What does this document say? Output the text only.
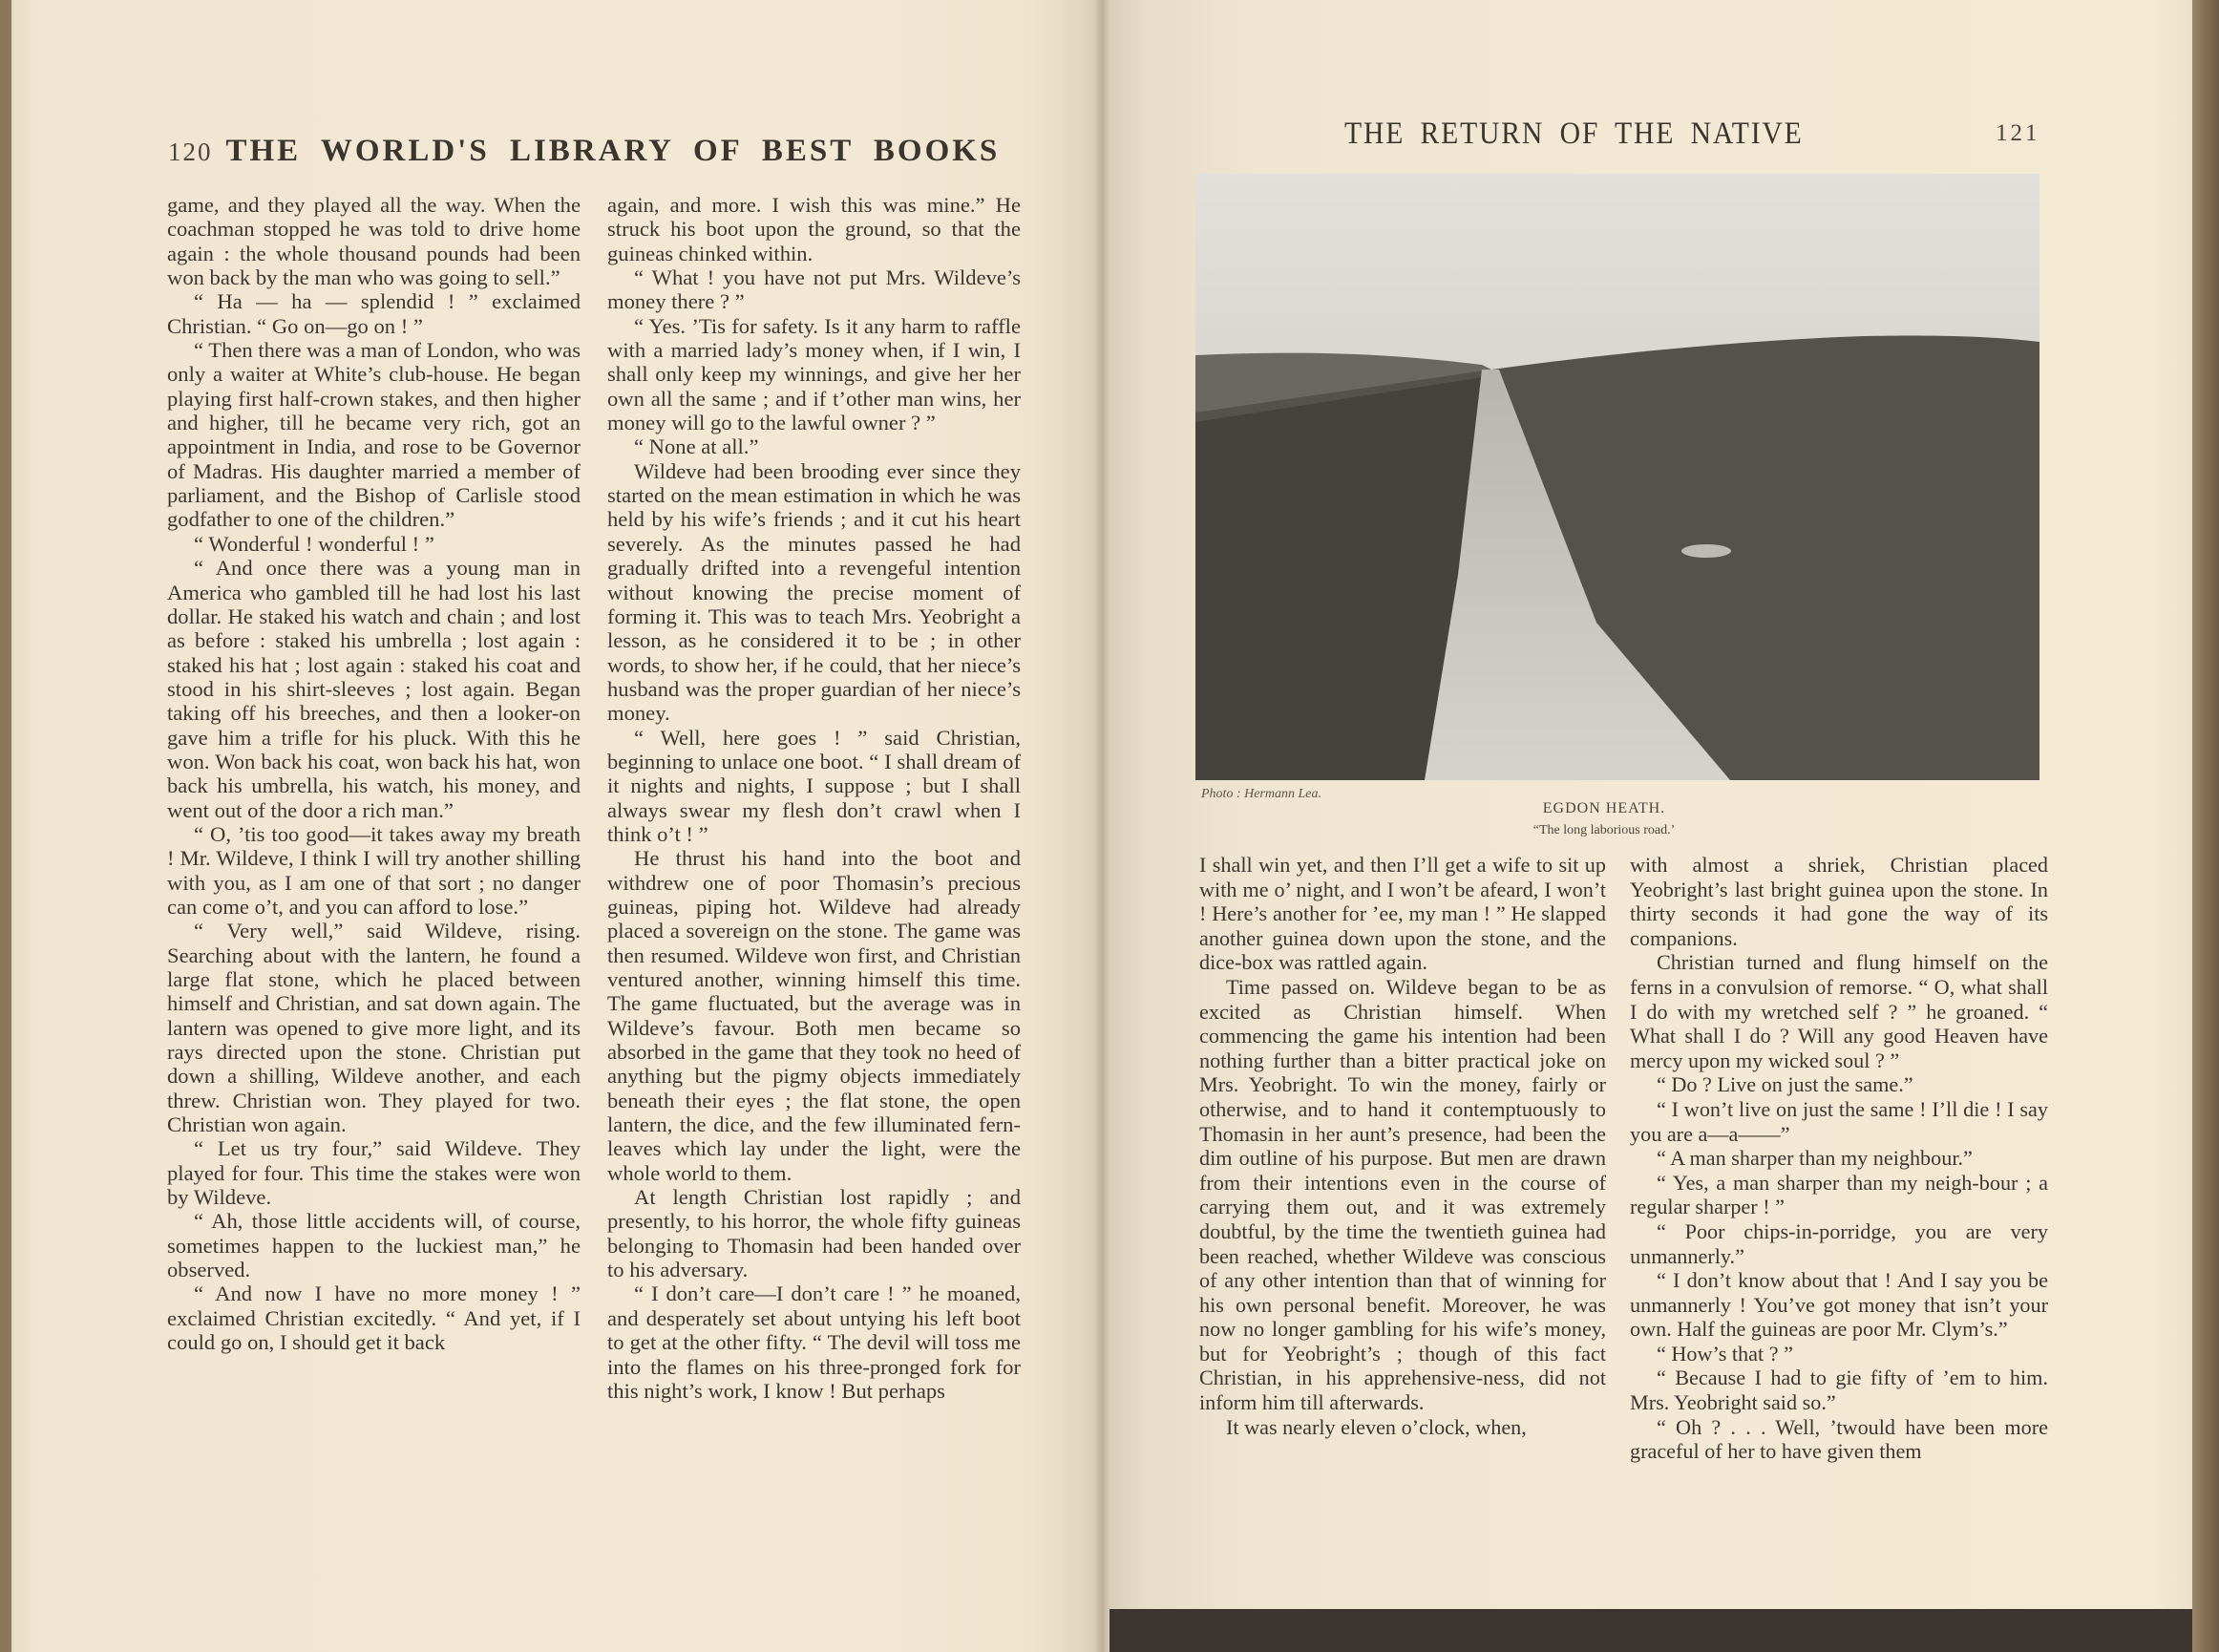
120 THE WORLD'S LIBRARY OF BEST BOOKS

game, and they played all the way. When the coachman stopped he was told to drive home again : the whole thousand pounds had been won back by the man who was going to sell.”

“ Ha — ha — splendid ! ” exclaimed Christian. “ Go on—go on ! ”

“ Then there was a man of London, who was only a waiter at White’s club-house. He began playing first half-crown stakes, and then higher and higher, till he became very rich, got an appointment in India, and rose to be Governor of Madras. His daughter married a member of parliament, and the Bishop of Carlisle stood godfather to one of the children.”

“ Wonderful ! wonderful ! ”

“ And once there was a young man in America who gambled till he had lost his last dollar. He staked his watch and chain ; and lost as before : staked his umbrella ; lost again : staked his hat ; lost again : staked his coat and stood in his shirt-sleeves ; lost again. Began taking off his breeches, and then a looker-on gave him a trifle for his pluck. With this he won. Won back his coat, won back his hat, won back his umbrella, his watch, his money, and went out of the door a rich man.”

“ O, ’tis too good—it takes away my breath ! Mr. Wildeve, I think I will try another shilling with you, as I am one of that sort ; no danger can come o’t, and you can afford to lose.”

“ Very well,” said Wildeve, rising. Searching about with the lantern, he found a large flat stone, which he placed between himself and Christian, and sat down again. The lantern was opened to give more light, and its rays directed upon the stone. Christian put down a shilling, Wildeve another, and each threw. Christian won. They played for two. Christian won again.

“ Let us try four,” said Wildeve. They played for four. This time the stakes were won by Wildeve.

“ Ah, those little accidents will, of course, sometimes happen to the luckiest man,” he observed.

“ And now I have no more money ! ” exclaimed Christian excitedly. “ And yet, if I could go on, I should get it back

again, and more. I wish this was mine.” He struck his boot upon the ground, so that the guineas chinked within.

“ What ! you have not put Mrs. Wildeve’s money there ? ”

“ Yes. ’Tis for safety. Is it any harm to raffle with a married lady’s money when, if I win, I shall only keep my winnings, and give her her own all the same ; and if t’other man wins, her money will go to the lawful owner ? ”

“ None at all.”

Wildeve had been brooding ever since they started on the mean estimation in which he was held by his wife’s friends ; and it cut his heart severely. As the minutes passed he had gradually drifted into a revengeful intention without knowing the precise moment of forming it. This was to teach Mrs. Yeobright a lesson, as he considered it to be ; in other words, to show her, if he could, that her niece’s husband was the proper guardian of her niece’s money.

“ Well, here goes ! ” said Christian, beginning to unlace one boot. “ I shall dream of it nights and nights, I suppose ; but I shall always swear my flesh don’t crawl when I think o’t ! ”

He thrust his hand into the boot and withdrew one of poor Thomasin’s precious guineas, piping hot. Wildeve had already placed a sovereign on the stone. The game was then resumed. Wildeve won first, and Christian ventured another, winning himself this time. The game fluctuated, but the average was in Wildeve’s favour. Both men became so absorbed in the game that they took no heed of anything but the pigmy objects immediately beneath their eyes ; the flat stone, the open lantern, the dice, and the few illuminated fern-leaves which lay under the light, were the whole world to them.

At length Christian lost rapidly ; and presently, to his horror, the whole fifty guineas belonging to Thomasin had been handed over to his adversary.

“ I don’t care—I don’t care ! ” he moaned, and desperately set about untying his left boot to get at the other fifty. “ The devil will toss me into the flames on his three-pronged fork for this night’s work, I know ! But perhaps

THE RETURN OF THE NATIVE	121
Photo : Hermann Lea.
EGDON HEATH.
“The long laborious road.’

I shall win yet, and then I’ll get a wife to sit up with me o’ night, and I won’t be afeard, I won’t ! Here’s another for ’ee, my man ! ” He slapped another guinea down upon the stone, and the dice-box was rattled again.

Time passed on. Wildeve began to be as excited as Christian himself. When commencing the game his intention had been nothing further than a bitter practical joke on Mrs. Yeobright. To win the money, fairly or otherwise, and to hand it contemptuously to Thomasin in her aunt’s presence, had been the dim outline of his purpose. But men are drawn from their intentions even in the course of carrying them out, and it was extremely doubtful, by the time the twentieth guinea had been reached, whether Wildeve was conscious of any other intention than that of winning for his own personal benefit. Moreover, he was now no longer gambling for his wife’s money, but for Yeobright’s ; though of this fact Christian, in his apprehensive-ness, did not inform him till afterwards.

It was nearly eleven o’clock, when,

with almost a shriek, Christian placed Yeobright’s last bright guinea upon the stone. In thirty seconds it had gone the way of its companions.

Christian turned and flung himself on the ferns in a convulsion of remorse. “ O, what shall I do with my wretched self ? ” he groaned. “ What shall I do ? Will any good Heaven have mercy upon my wicked soul ? ”

“ Do ? Live on just the same.”

“ I won’t live on just the same ! I’ll die ! I say you are a—a——”

“ A man sharper than my neighbour.”

“ Yes, a man sharper than my neigh-bour ; a regular sharper ! ”

“ Poor chips-in-porridge, you are very unmannerly.”

“ I don’t know about that ! And I say you be unmannerly ! You’ve got money that isn’t your own. Half the guineas are poor Mr. Clym’s.”

“ How’s that ? ”

“ Because I had to gie fifty of ’em to him. Mrs. Yeobright said so.”

“ Oh ? . . . Well, ’twould have been more graceful of her to have given them
